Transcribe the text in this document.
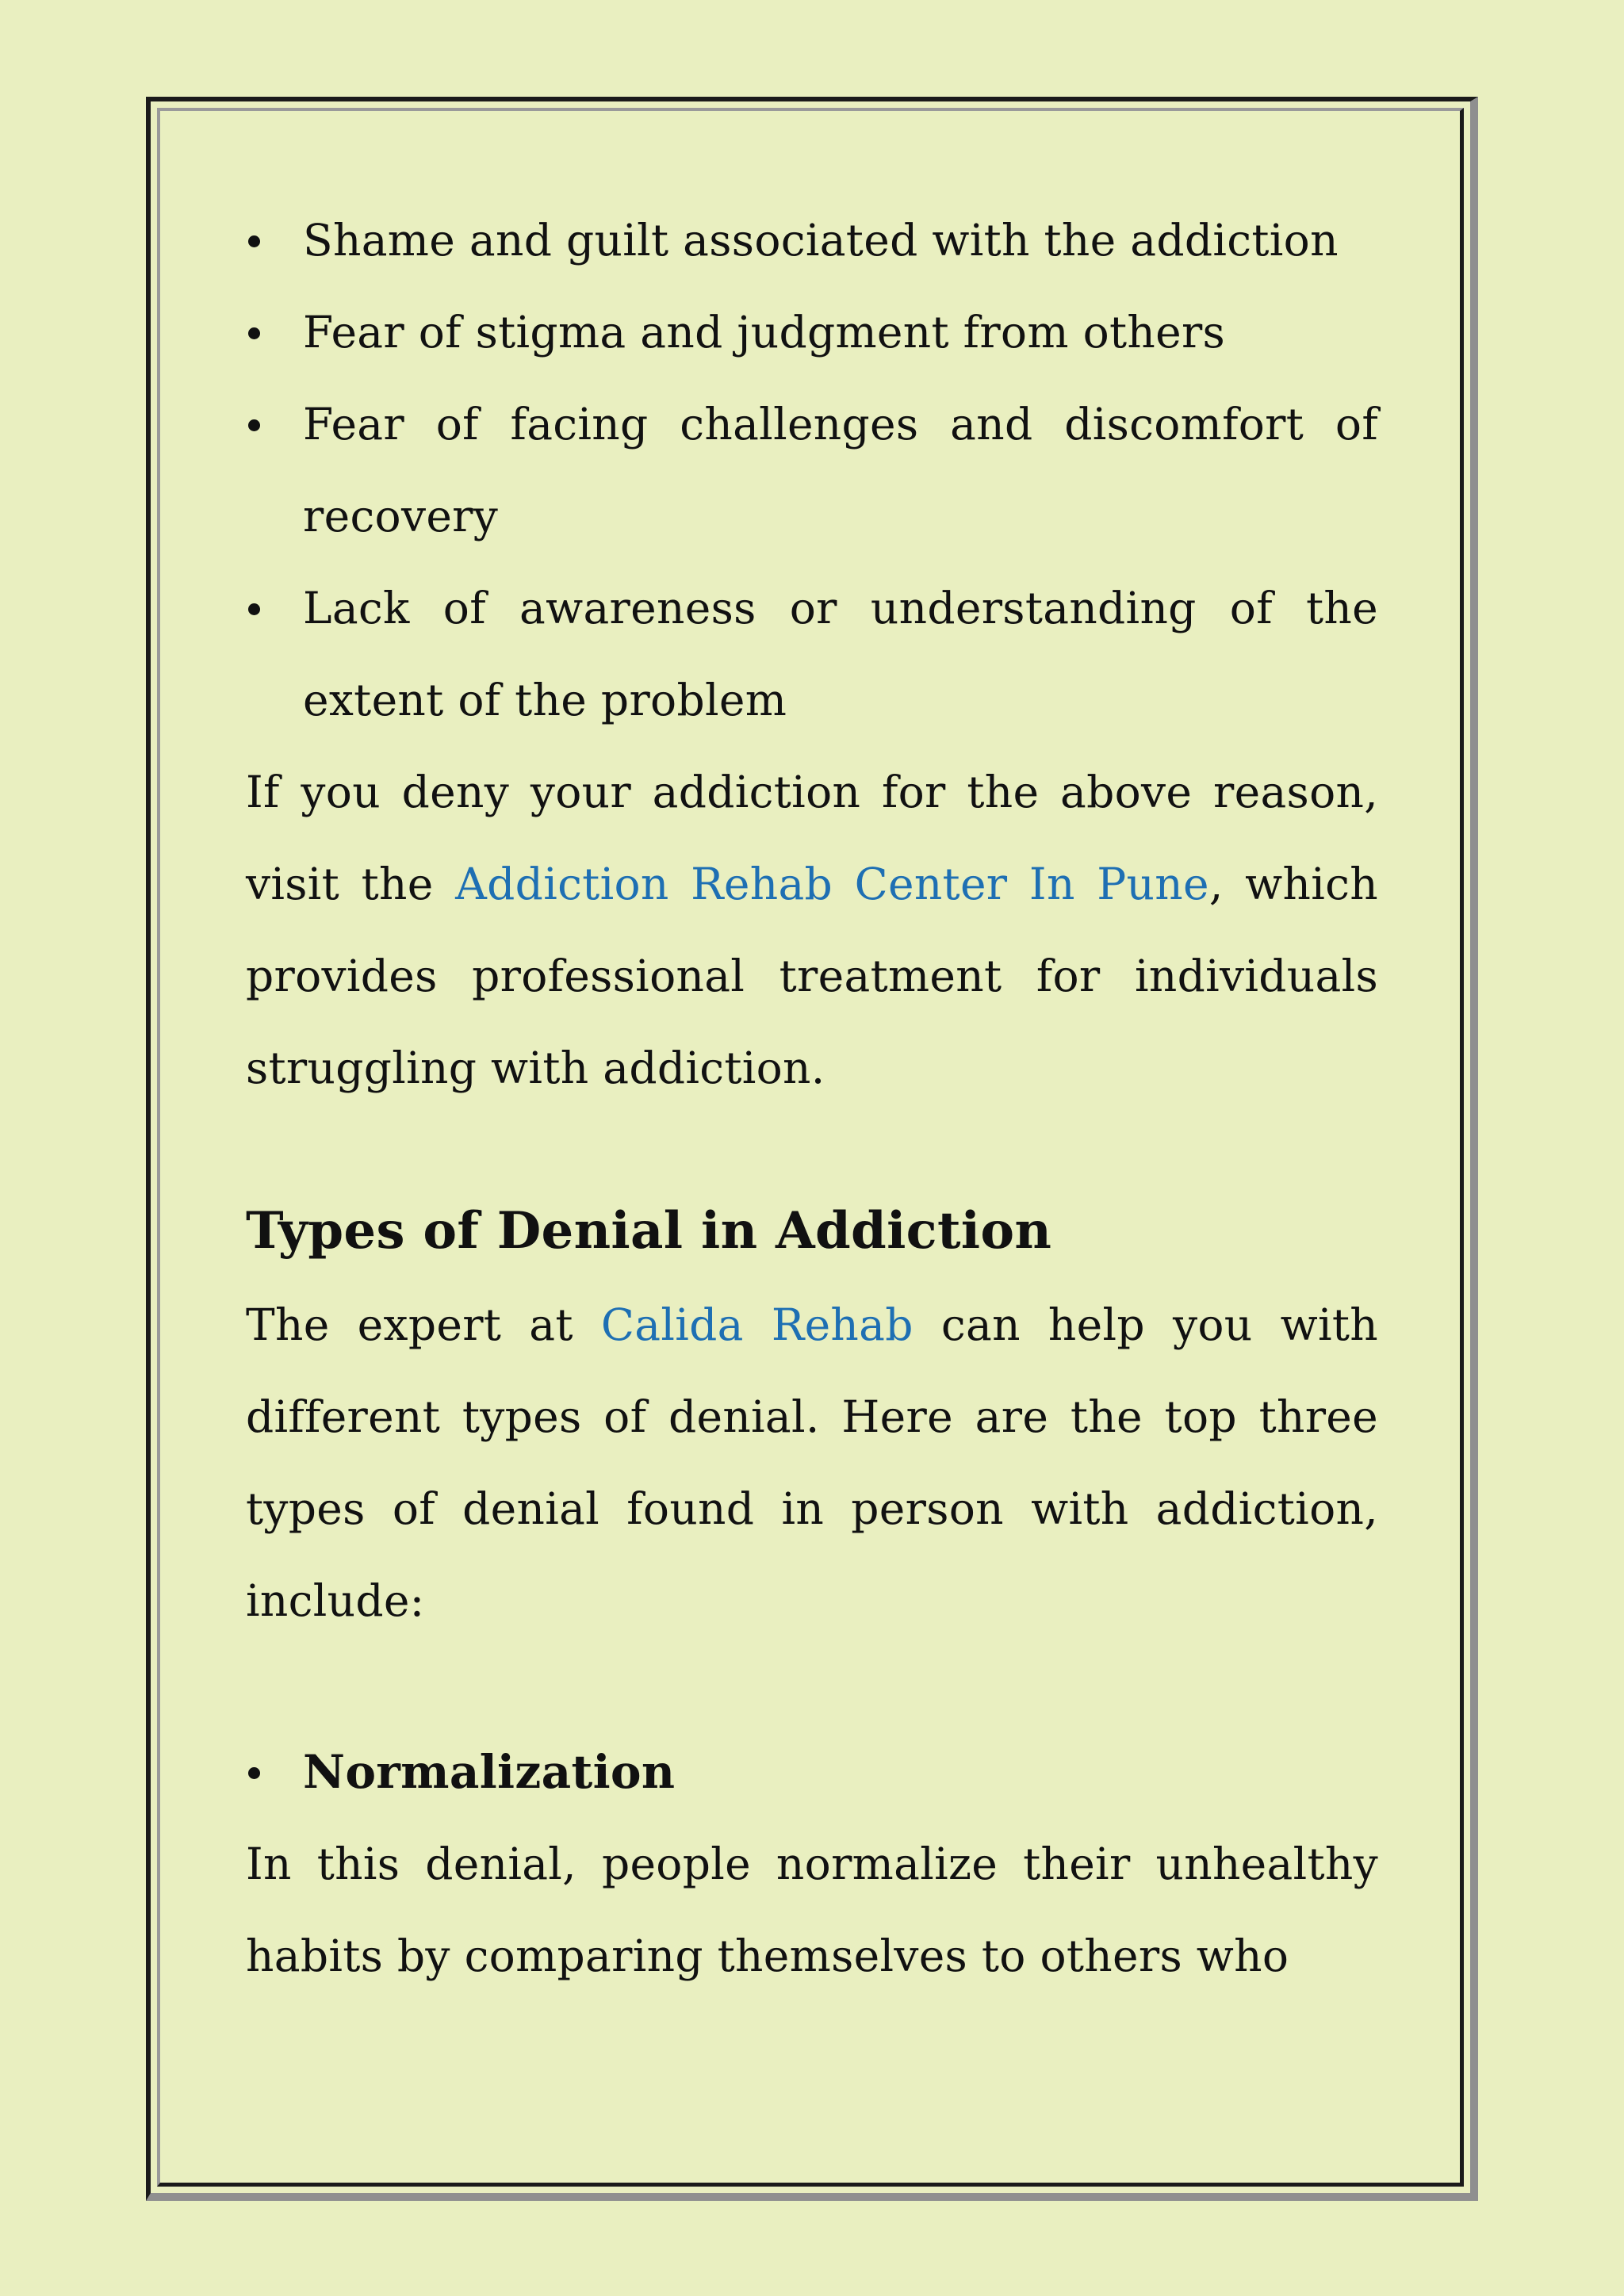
Shame and guilt associated with the addiction
Fear of stigma and judgment from others
Fear of facing challenges and discomfort of recovery
Lack of awareness or understanding of the extent of the problem

If you deny your addiction for the above reason, visit the Addiction Rehab Center In Pune, which provides professional treatment for individuals struggling with addiction.

Types of Denial in Addiction

The expert at Calida Rehab can help you with different types of denial. Here are the top three types of denial found in person with addiction, include:

Normalization

In this denial, people normalize their unhealthy habits by comparing themselves to others who
